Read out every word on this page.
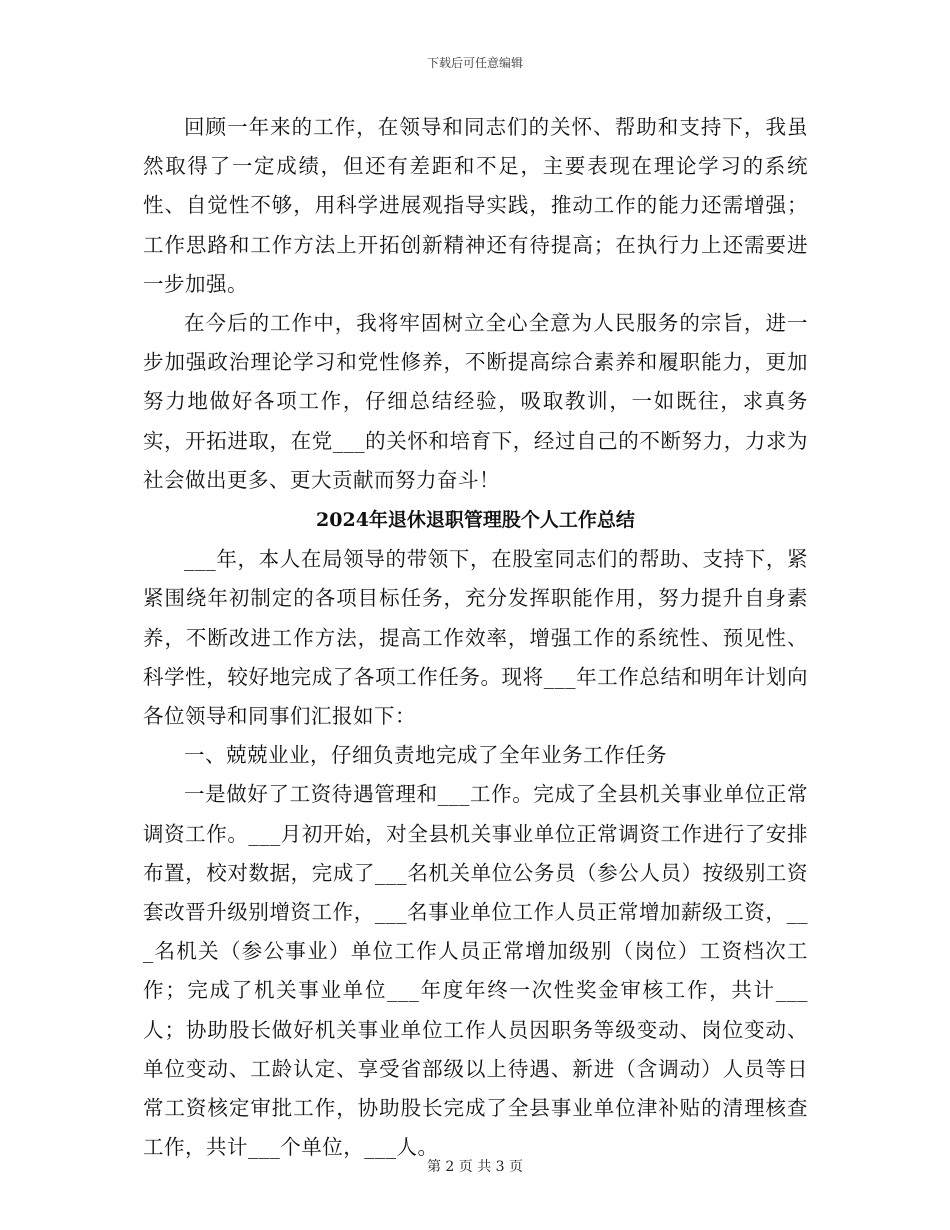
下载后可任意编辑

回顾一年来的工作，在领导和同志们的关怀、帮助和支持下，我虽然取得了一定成绩，但还有差距和不足，主要表现在理论学习的系统性、自觉性不够，用科学进展观指导实践，推动工作的能力还需增强；工作思路和工作方法上开拓创新精神还有待提高；在执行力上还需要进一步加强。

在今后的工作中，我将牢固树立全心全意为人民服务的宗旨，进一步加强政治理论学习和党性修养，不断提高综合素养和履职能力，更加努力地做好各项工作，仔细总结经验，吸取教训，一如既往，求真务实，开拓进取，在党___的关怀和培育下，经过自己的不断努力，力求为社会做出更多、更大贡献而努力奋斗！

2024年退休退职管理股个人工作总结

___年，本人在局领导的带领下，在股室同志们的帮助、支持下，紧紧围绕年初制定的各项目标任务，充分发挥职能作用，努力提升自身素养，不断改进工作方法，提高工作效率，增强工作的系统性、预见性、科学性，较好地完成了各项工作任务。现将___年工作总结和明年计划向各位领导和同事们汇报如下：

一、兢兢业业，仔细负责地完成了全年业务工作任务

一是做好了工资待遇管理和___工作。完成了全县机关事业单位正常调资工作。___月初开始，对全县机关事业单位正常调资工作进行了安排布置，校对数据，完成了___名机关单位公务员（参公人员）按级别工资套改晋升级别增资工作，___名事业单位工作人员正常增加薪级工资，___名机关（参公事业）单位工作人员正常增加级别（岗位）工资档次工作；完成了机关事业单位___年度年终一次性奖金审核工作，共计___人；协助股长做好机关事业单位工作人员因职务等级变动、岗位变动、单位变动、工龄认定、享受省部级以上待遇、新进（含调动）人员等日常工资核定审批工作，协助股长完成了全县事业单位津补贴的清理核查工作，共计___个单位，___人。

第 2 页 共 3 页
